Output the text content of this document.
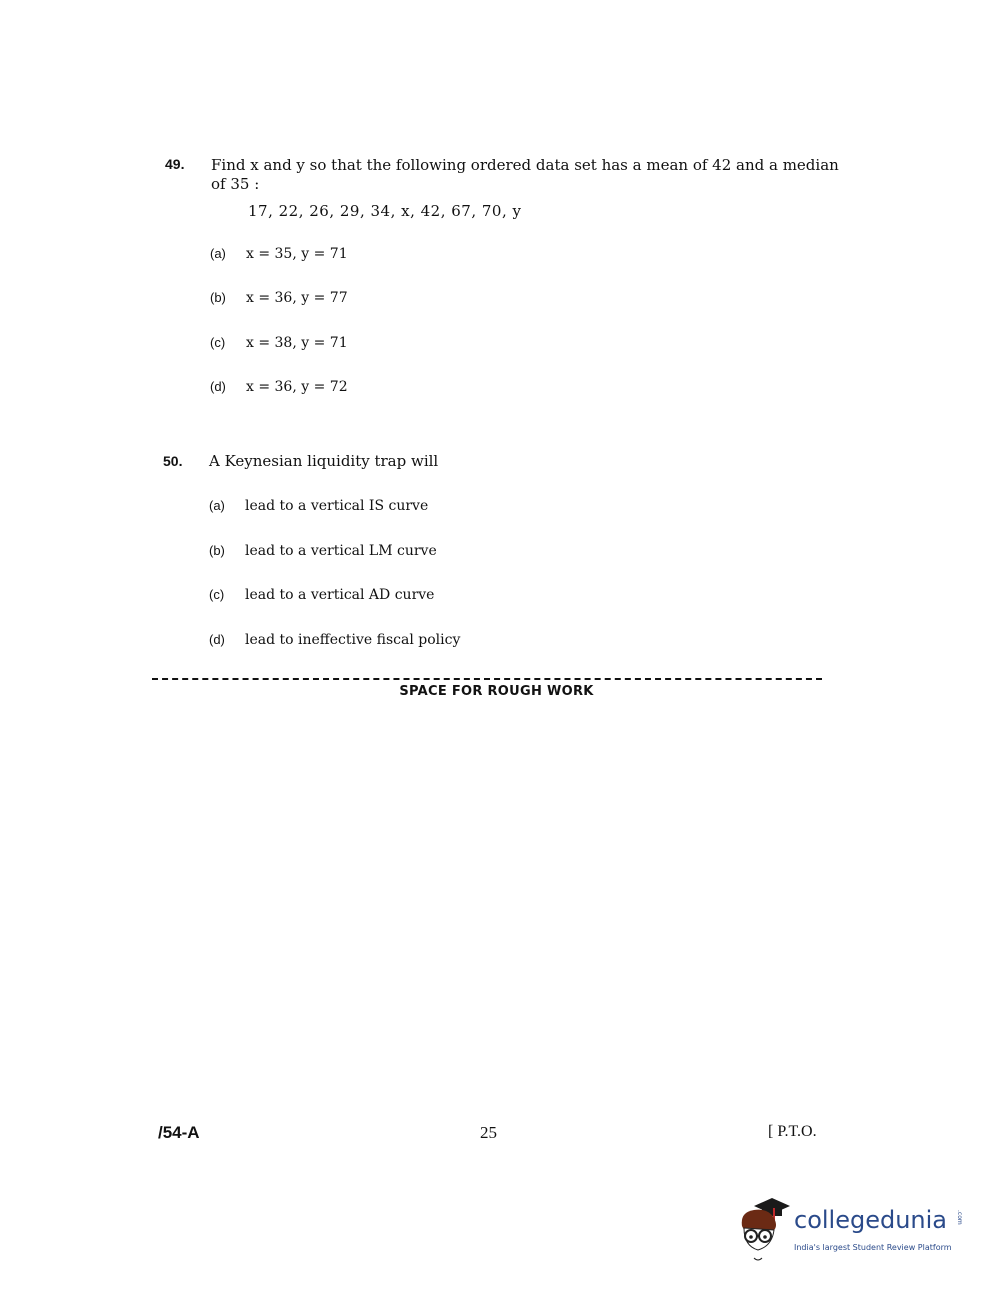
49. Find x and y so that the following ordered data set has a mean of 42 and a median
of 35 :
17, 22, 26, 29, 34, x, 42, 67, 70, y
(a) x = 35, y = 71
(b) x = 36, y = 77
(c) x = 38, y = 71
(d) x = 36, y = 72
50. A Keynesian liquidity trap will
(a) lead to a vertical IS curve
(b) lead to a vertical LM curve
(c) lead to a vertical AD curve
(d) lead to ineffective fiscal policy
SPACE FOR ROUGH WORK
/54-A	25	[ P.T.O.
collegedunia .com
India's largest Student Review Platform
